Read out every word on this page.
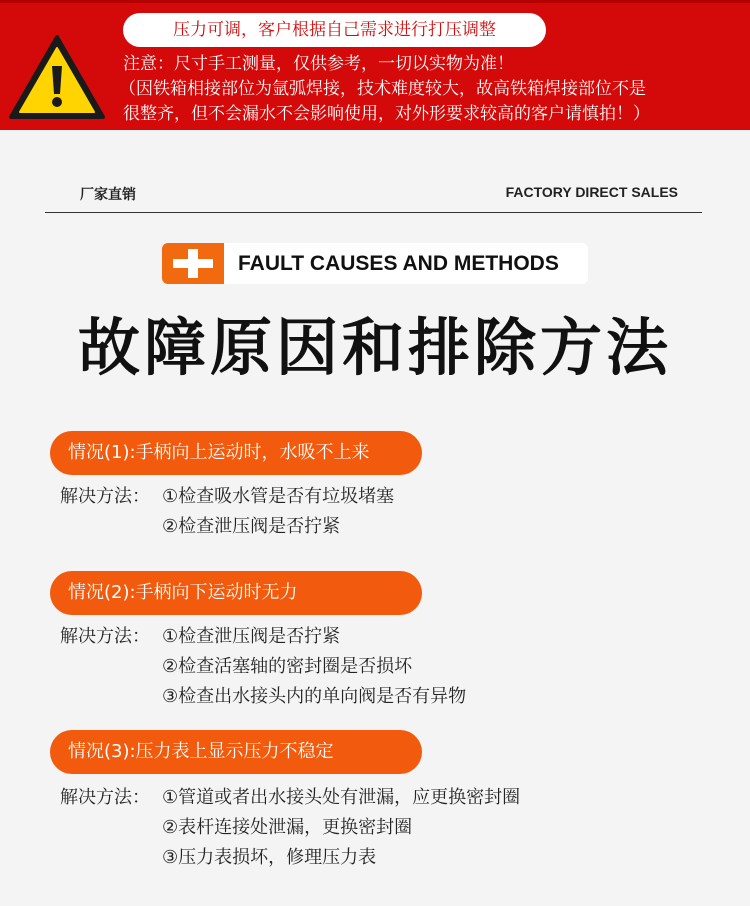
压力可调，客户根据自己需求进行打压调整
注意：尺寸手工测量，仅供参考，一切以实物为准！
（因铁箱相接部位为氩弧焊接，技术难度较大，故高铁箱焊接部位不是
很整齐，但不会漏水不会影响使用，对外形要求较高的客户请慎拍！）
厂家直销	FACTORY DIRECT SALES
FAULT CAUSES AND METHODS
故障原因和排除方法
情况(1):手柄向上运动时，水吸不上来
解决方法： ①检查吸水管是否有垃圾堵塞
②检查泄压阀是否拧紧
情况(2):手柄向下运动时无力
解决方法： ①检查泄压阀是否拧紧
②检查活塞轴的密封圈是否损坏
③检查出水接头内的单向阀是否有异物
情况(3):压力表上显示压力不稳定
解决方法： ①管道或者出水接头处有泄漏，应更换密封圈
②表杆连接处泄漏，更换密封圈
③压力表损坏，修理压力表
